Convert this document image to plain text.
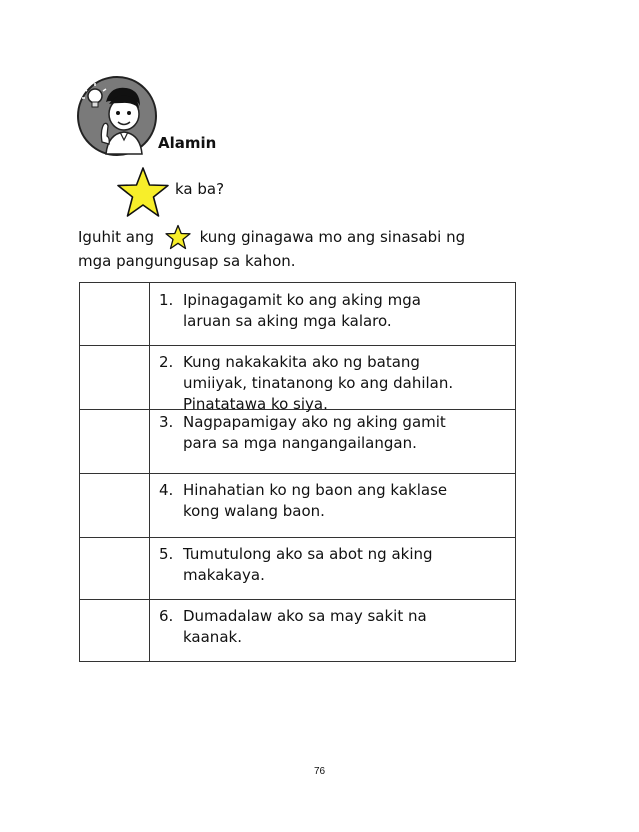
Alamin
ka ba?
Iguhit ang	kung ginagawa mo ang sinasabi ng
mga pangungusap sa kahon.
1. Ipinagagamit ko ang aking mga
laruan sa aking mga kalaro.
2. Kung nakakakita ako ng batang
umiiyak, tinatanong ko ang dahilan.
Pinatatawa ko siya.
3. Nagpapamigay ako ng aking gamit
para sa mga nangangailangan.
4. Hinahatian ko ng baon ang kaklase
kong walang baon.
5. Tumutulong ako sa abot ng aking
makakaya.
6. Dumadalaw ako sa may sakit na
kaanak.
76
